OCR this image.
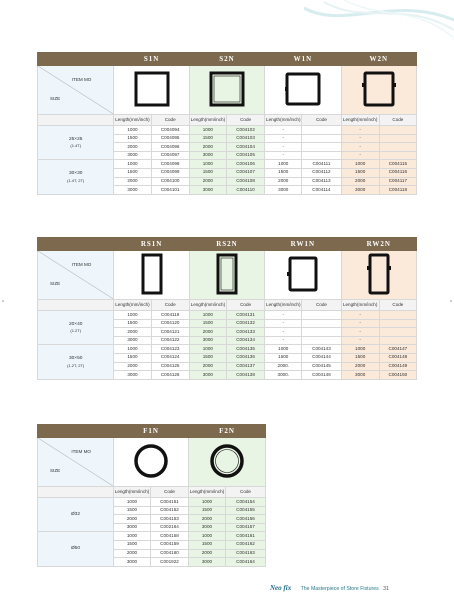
	S1N		S2N		W1N		W2N	

ITEM MO
SIZE

	Length(mm/inch)	Code	Length(mm/inch)	Code	Length(mm/inch)	Code	Length(mm/inch)	Code
25×25
(1.4T)	1000	C004094	1000	C004102	-		-	
	1500	C004095	1500	C004103	-		-	
	2000	C004096	2000	C004104	-		-	
	3000	C004097	3000	C004105	-		-	
30×30
(1.4T, 2T)	1000	C004098	1000	C004106	1000	C004111	1000	C004115
	1500	C004099	1500	C004107	1500	C004112	1500	C004116
	2000	C004100	2000	C004108	2000	C004113	2000	C004117
	3000	C004101	3000	C004110	3000	C004114	3000	C004118
	RS1N		RS2N		RW1N		RW2N	

ITEM MO
SIZE

	Length(mm/inch)	Code	Length(mm/inch)	Code	Length(mm/inch)	Code	Length(mm/inch)	Code
20×40
(1.2T)	1000	C004119	1000	C004131	-		-	
	1500	C004120	1500	C004132	-		-	
	2000	C004121	2000	C004133	-		-	
	3000	C004122	3000	C004134	-		-	
30×50
(1.2T, 2T)	1000	C004123	1000	C004135	1000	C004143	1000	C004147
	1500	C004124	1500	C004136	1500	C004144	1500	C004148
	2000	C004125	2000	C004137	2000.	C004145	2000	C004149
	3000	C004126	3000	C004138	3000.	C004146	3000	C004150
	F1N		F2N	

ITEM MO
SIZE

	Length(mm/inch)	Code	Length(mm/inch)	Code
Ø32	1000	C004151	1000	C004154
	1500	C004152	1500	C004155
	2000	C004153	2000	C004156
	3000	C002164	3000	C004157
Ø50	1000	C004158	1000	C004161
	1500	C004159	1500	C004162
	2000	C004160	2000	C004163
	3000	C001922	3000	C004164
Neo fix The Masterpiece of Store Fixtures 31
